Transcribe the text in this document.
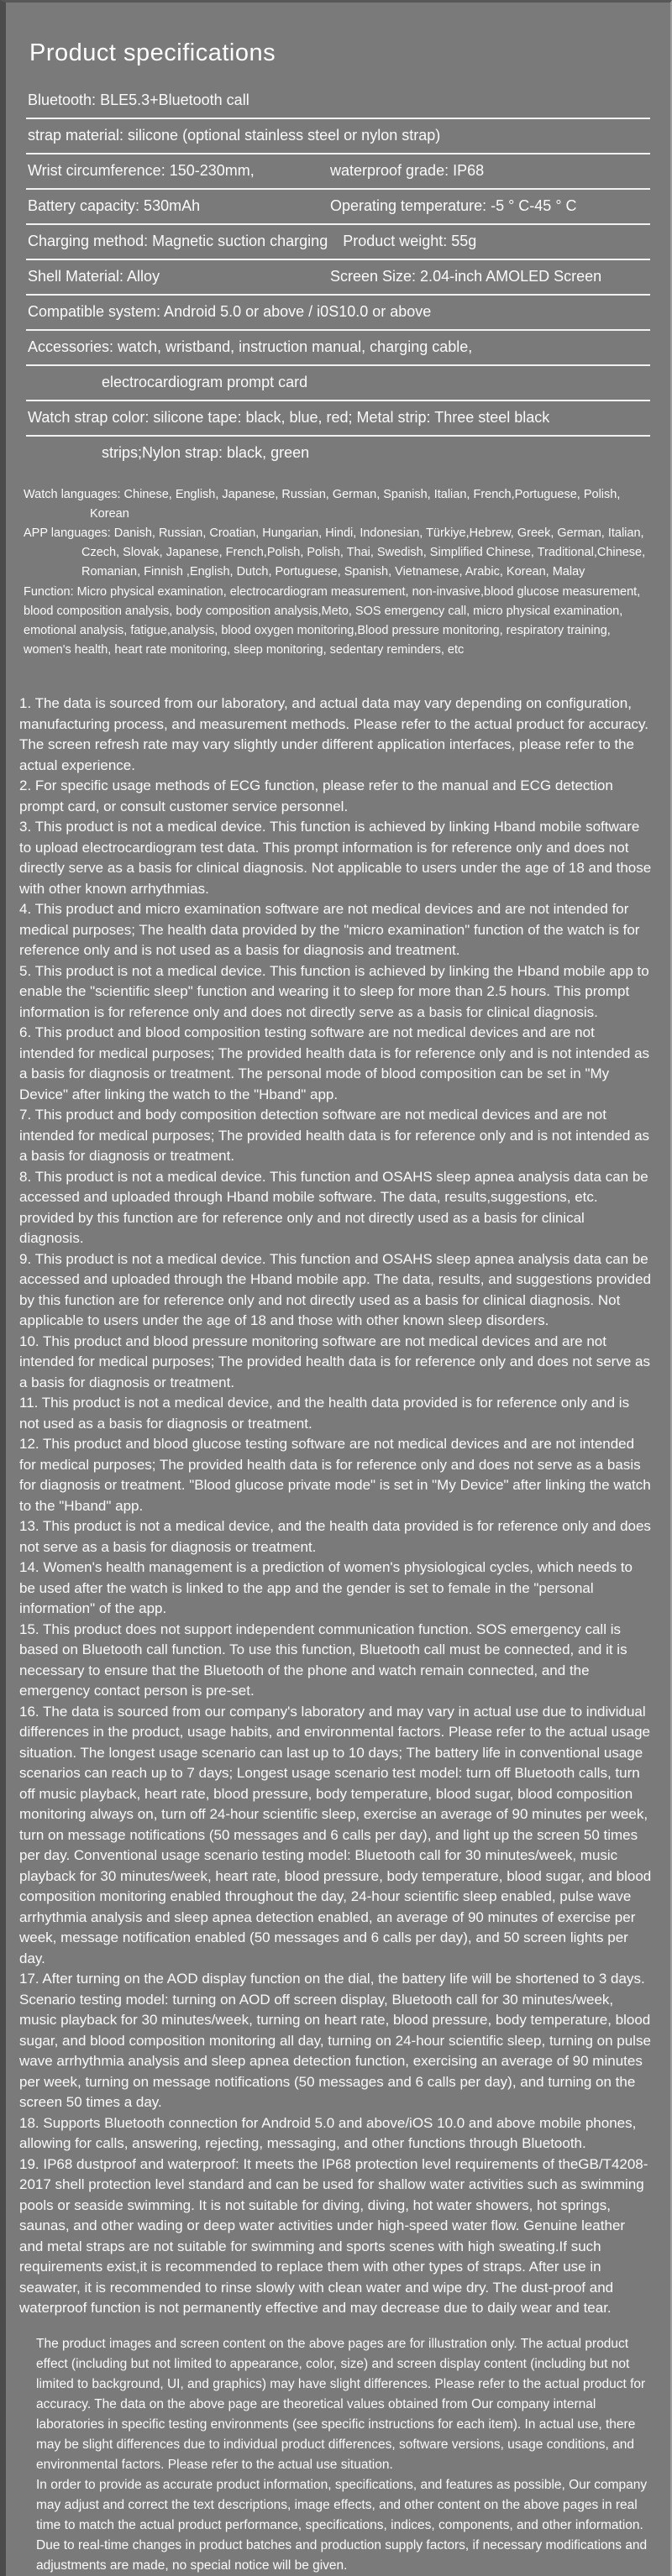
Product specifications
Bluetooth: BLE5.3+Bluetooth call
strap material: silicone (optional stainless steel or nylon strap)
Wrist circumference: 150-230mm,	waterproof grade: IP68
Battery capacity: 530mAh	Operating temperature: -5 ° C-45 ° C
Charging method: Magnetic suction charging Product weight: 55g
Shell Material: Alloy	Screen Size: 2.04-inch AMOLED Screen
Compatible system: Android 5.0 or above / i0S10.0 or above
Accessories: watch, wristband, instruction manual, charging cable,
electrocardiogram prompt card
Watch strap color: silicone tape: black, blue, red; Metal strip: Three steel black
strips;Nylon strap: black, green
Watch languages: Chinese, English, Japanese, Russian, German, Spanish, Italian, French,Portuguese, Polish, Korean
APP languages: Danish, Russian, Croatian, Hungarian, Hindi, Indonesian, Türkiye,Hebrew, Greek, German, Italian, Czech, Slovak, Japanese, French,Polish, Polish, Thai, Swedish, Simplified Chinese, Traditional,Chinese, Romanian, Finnish ,English, Dutch, Portuguese, Spanish, Vietnamese, Arabic, Korean, Malay
Function: Micro physical examination, electrocardiogram measurement, non-invasive,blood glucose measurement, blood composition analysis, body composition analysis,Meto, SOS emergency call, micro physical examination, emotional analysis, fatigue,analysis, blood oxygen monitoring,Blood pressure monitoring, respiratory training, women's health, heart rate monitoring, sleep monitoring, sedentary reminders, etc

1. The data is sourced from our laboratory, and actual data may vary depending on configuration, manufacturing process, and measurement methods. Please refer to the actual product for accuracy. The screen refresh rate may vary slightly under different application interfaces, please refer to the actual experience.

2. For specific usage methods of ECG function, please refer to the manual and ECG detection prompt card, or consult customer service personnel.

3. This product is not a medical device. This function is achieved by linking Hband mobile software to upload electrocardiogram test data. This prompt information is for reference only and does not directly serve as a basis for clinical diagnosis. Not applicable to users under the age of 18 and those with other known arrhythmias.

4. This product and micro examination software are not medical devices and are not intended for medical purposes; The health data provided by the "micro examination" function of the watch is for reference only and is not used as a basis for diagnosis and treatment.

5. This product is not a medical device. This function is achieved by linking the Hband mobile app to enable the "scientific sleep" function and wearing it to sleep for more than 2.5 hours. This prompt information is for reference only and does not directly serve as a basis for clinical diagnosis.

6. This product and blood composition testing software are not medical devices and are not intended for medical purposes; The provided health data is for reference only and is not intended as a basis for diagnosis or treatment. The personal mode of blood composition can be set in "My Device" after linking the watch to the "Hband" app.

7. This product and body composition detection software are not medical devices and are not intended for medical purposes; The provided health data is for reference only and is not intended as a basis for diagnosis or treatment.

8. This product is not a medical device. This function and OSAHS sleep apnea analysis data can be accessed and uploaded through Hband mobile software. The data, results,suggestions, etc. provided by this function are for reference only and not directly used as a basis for clinical diagnosis.

9. This product is not a medical device. This function and OSAHS sleep apnea analysis data can be accessed and uploaded through the Hband mobile app. The data, results, and suggestions provided by this function are for reference only and not directly used as a basis for clinical diagnosis. Not applicable to users under the age of 18 and those with other known sleep disorders.

10. This product and blood pressure monitoring software are not medical devices and are not intended for medical purposes; The provided health data is for reference only and does not serve as a basis for diagnosis or treatment.

11. This product is not a medical device, and the health data provided is for reference only and is not used as a basis for diagnosis or treatment.

12. This product and blood glucose testing software are not medical devices and are not intended for medical purposes; The provided health data is for reference only and does not serve as a basis for diagnosis or treatment. "Blood glucose private mode" is set in "My Device" after linking the watch to the "Hband" app.

13. This product is not a medical device, and the health data provided is for reference only and does not serve as a basis for diagnosis or treatment.

14. Women's health management is a prediction of women's physiological cycles, which needs to be used after the watch is linked to the app and the gender is set to female in the "personal information" of the app.

15. This product does not support independent communication function. SOS emergency call is based on Bluetooth call function. To use this function, Bluetooth call must be connected, and it is necessary to ensure that the Bluetooth of the phone and watch remain connected, and the emergency contact person is pre-set.

16. The data is sourced from our company's laboratory and may vary in actual use due to individual differences in the product, usage habits, and environmental factors. Please refer to the actual usage situation. The longest usage scenario can last up to 10 days; The battery life in conventional usage scenarios can reach up to 7 days; Longest usage scenario test model: turn off Bluetooth calls, turn off music playback, heart rate, blood pressure, body temperature, blood sugar, blood composition monitoring always on, turn off 24-hour scientific sleep, exercise an average of 90 minutes per week, turn on message notifications (50 messages and 6 calls per day), and light up the screen 50 times per day. Conventional usage scenario testing model: Bluetooth call for 30 minutes/week, music playback for 30 minutes/week, heart rate, blood pressure, body temperature, blood sugar, and blood composition monitoring enabled throughout the day, 24-hour scientific sleep enabled, pulse wave arrhythmia analysis and sleep apnea detection enabled, an average of 90 minutes of exercise per week, message notification enabled (50 messages and 6 calls per day), and 50 screen lights per day.

17. After turning on the AOD display function on the dial, the battery life will be shortened to 3 days. Scenario testing model: turning on AOD off screen display, Bluetooth call for 30 minutes/week, music playback for 30 minutes/week, turning on heart rate, blood pressure, body temperature, blood sugar, and blood composition monitoring all day, turning on 24-hour scientific sleep, turning on pulse wave arrhythmia analysis and sleep apnea detection function, exercising an average of 90 minutes per week, turning on message notifications (50 messages and 6 calls per day), and turning on the screen 50 times a day.

18. Supports Bluetooth connection for Android 5.0 and above/iOS 10.0 and above mobile phones, allowing for calls, answering, rejecting, messaging, and other functions through Bluetooth.

19. IP68 dustproof and waterproof: It meets the IP68 protection level requirements of theGB/T4208-2017 shell protection level standard and can be used for shallow water activities such as swimming pools or seaside swimming. It is not suitable for diving, diving, hot water showers, hot springs, saunas, and other wading or deep water activities under high-speed water flow. Genuine leather and metal straps are not suitable for swimming and sports scenes with high sweating.If such requirements exist,it is recommended to replace them with other types of straps. After use in seawater, it is recommended to rinse slowly with clean water and wipe dry. The dust-proof and waterproof function is not permanently effective and may decrease due to daily wear and tear.

The product images and screen content on the above pages are for illustration only. The actual product effect (including but not limited to appearance, color, size) and screen display content (including but not limited to background, UI, and graphics) may have slight differences. Please refer to the actual product for accuracy. The data on the above page are theoretical values obtained from Our company internal laboratories in specific testing environments (see specific instructions for each item). In actual use, there may be slight differences due to individual product differences, software versions, usage conditions, and environmental factors. Please refer to the actual use situation.

In order to provide as accurate product information, specifications, and features as possible, Our company may adjust and correct the text descriptions, image effects, and other content on the above pages in real time to match the actual product performance, specifications, indices, components, and other information. Due to real-time changes in product batches and production supply factors, if necessary modifications and adjustments are made, no special notice will be given.
